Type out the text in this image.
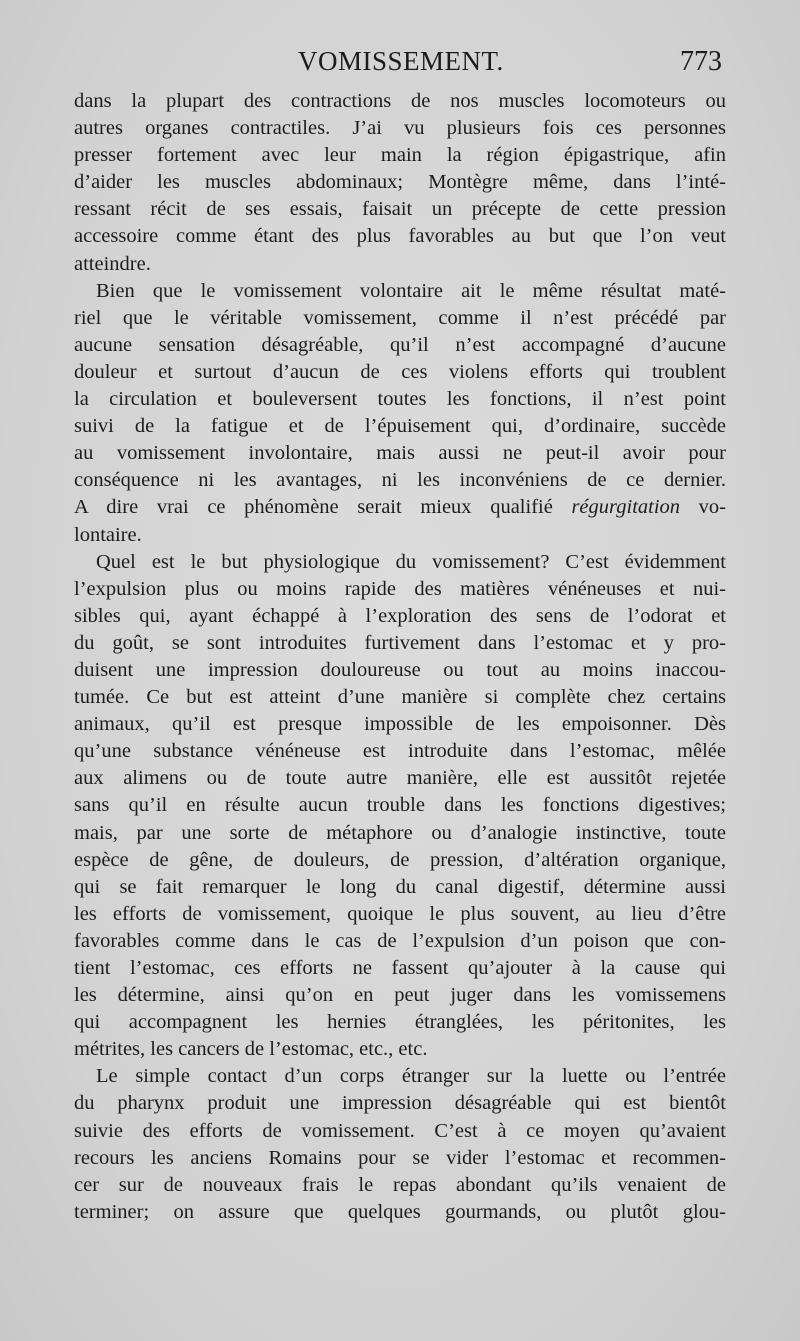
VOMISSEMENT.	773

dans la plupart des contractions de nos muscles locomoteurs ou
autres organes contractiles. J’ai vu plusieurs fois ces personnes
presser fortement avec leur main la région épigastrique, afin
d’aider les muscles abdominaux; Montègre même, dans l’inté-
ressant récit de ses essais, faisait un précepte de cette pression
accessoire comme étant des plus favorables au but que l’on veut
atteindre.

Bien que le vomissement volontaire ait le même résultat maté-
riel que le véritable vomissement, comme il n’est précédé par
aucune sensation désagréable, qu’il n’est accompagné d’aucune
douleur et surtout d’aucun de ces violens efforts qui troublent
la circulation et bouleversent toutes les fonctions, il n’est point
suivi de la fatigue et de l’épuisement qui, d’ordinaire, succède
au vomissement involontaire, mais aussi ne peut-il avoir pour
conséquence ni les avantages, ni les inconvéniens de ce dernier.
A dire vrai ce phénomène serait mieux qualifié régurgitation vo-
lontaire.

Quel est le but physiologique du vomissement? C’est évidemment
l’expulsion plus ou moins rapide des matières vénéneuses et nui-
sibles qui, ayant échappé à l’exploration des sens de l’odorat et
du goût, se sont introduites furtivement dans l’estomac et y pro-
duisent une impression douloureuse ou tout au moins inaccou-
tumée. Ce but est atteint d’une manière si complète chez certains
animaux, qu’il est presque impossible de les empoisonner. Dès
qu’une substance vénéneuse est introduite dans l’estomac, mêlée
aux alimens ou de toute autre manière, elle est aussitôt rejetée
sans qu’il en résulte aucun trouble dans les fonctions digestives;
mais, par une sorte de métaphore ou d’analogie instinctive, toute
espèce de gêne, de douleurs, de pression, d’altération organique,
qui se fait remarquer le long du canal digestif, détermine aussi
les efforts de vomissement, quoique le plus souvent, au lieu d’être
favorables comme dans le cas de l’expulsion d’un poison que con-
tient l’estomac, ces efforts ne fassent qu’ajouter à la cause qui
les détermine, ainsi qu’on en peut juger dans les vomissemens
qui accompagnent les hernies étranglées, les péritonites, les
métrites, les cancers de l’estomac, etc., etc.

Le simple contact d’un corps étranger sur la luette ou l’entrée
du pharynx produit une impression désagréable qui est bientôt
suivie des efforts de vomissement. C’est à ce moyen qu’avaient
recours les anciens Romains pour se vider l’estomac et recommen-
cer sur de nouveaux frais le repas abondant qu’ils venaient de
terminer; on assure que quelques gourmands, ou plutôt glou-
